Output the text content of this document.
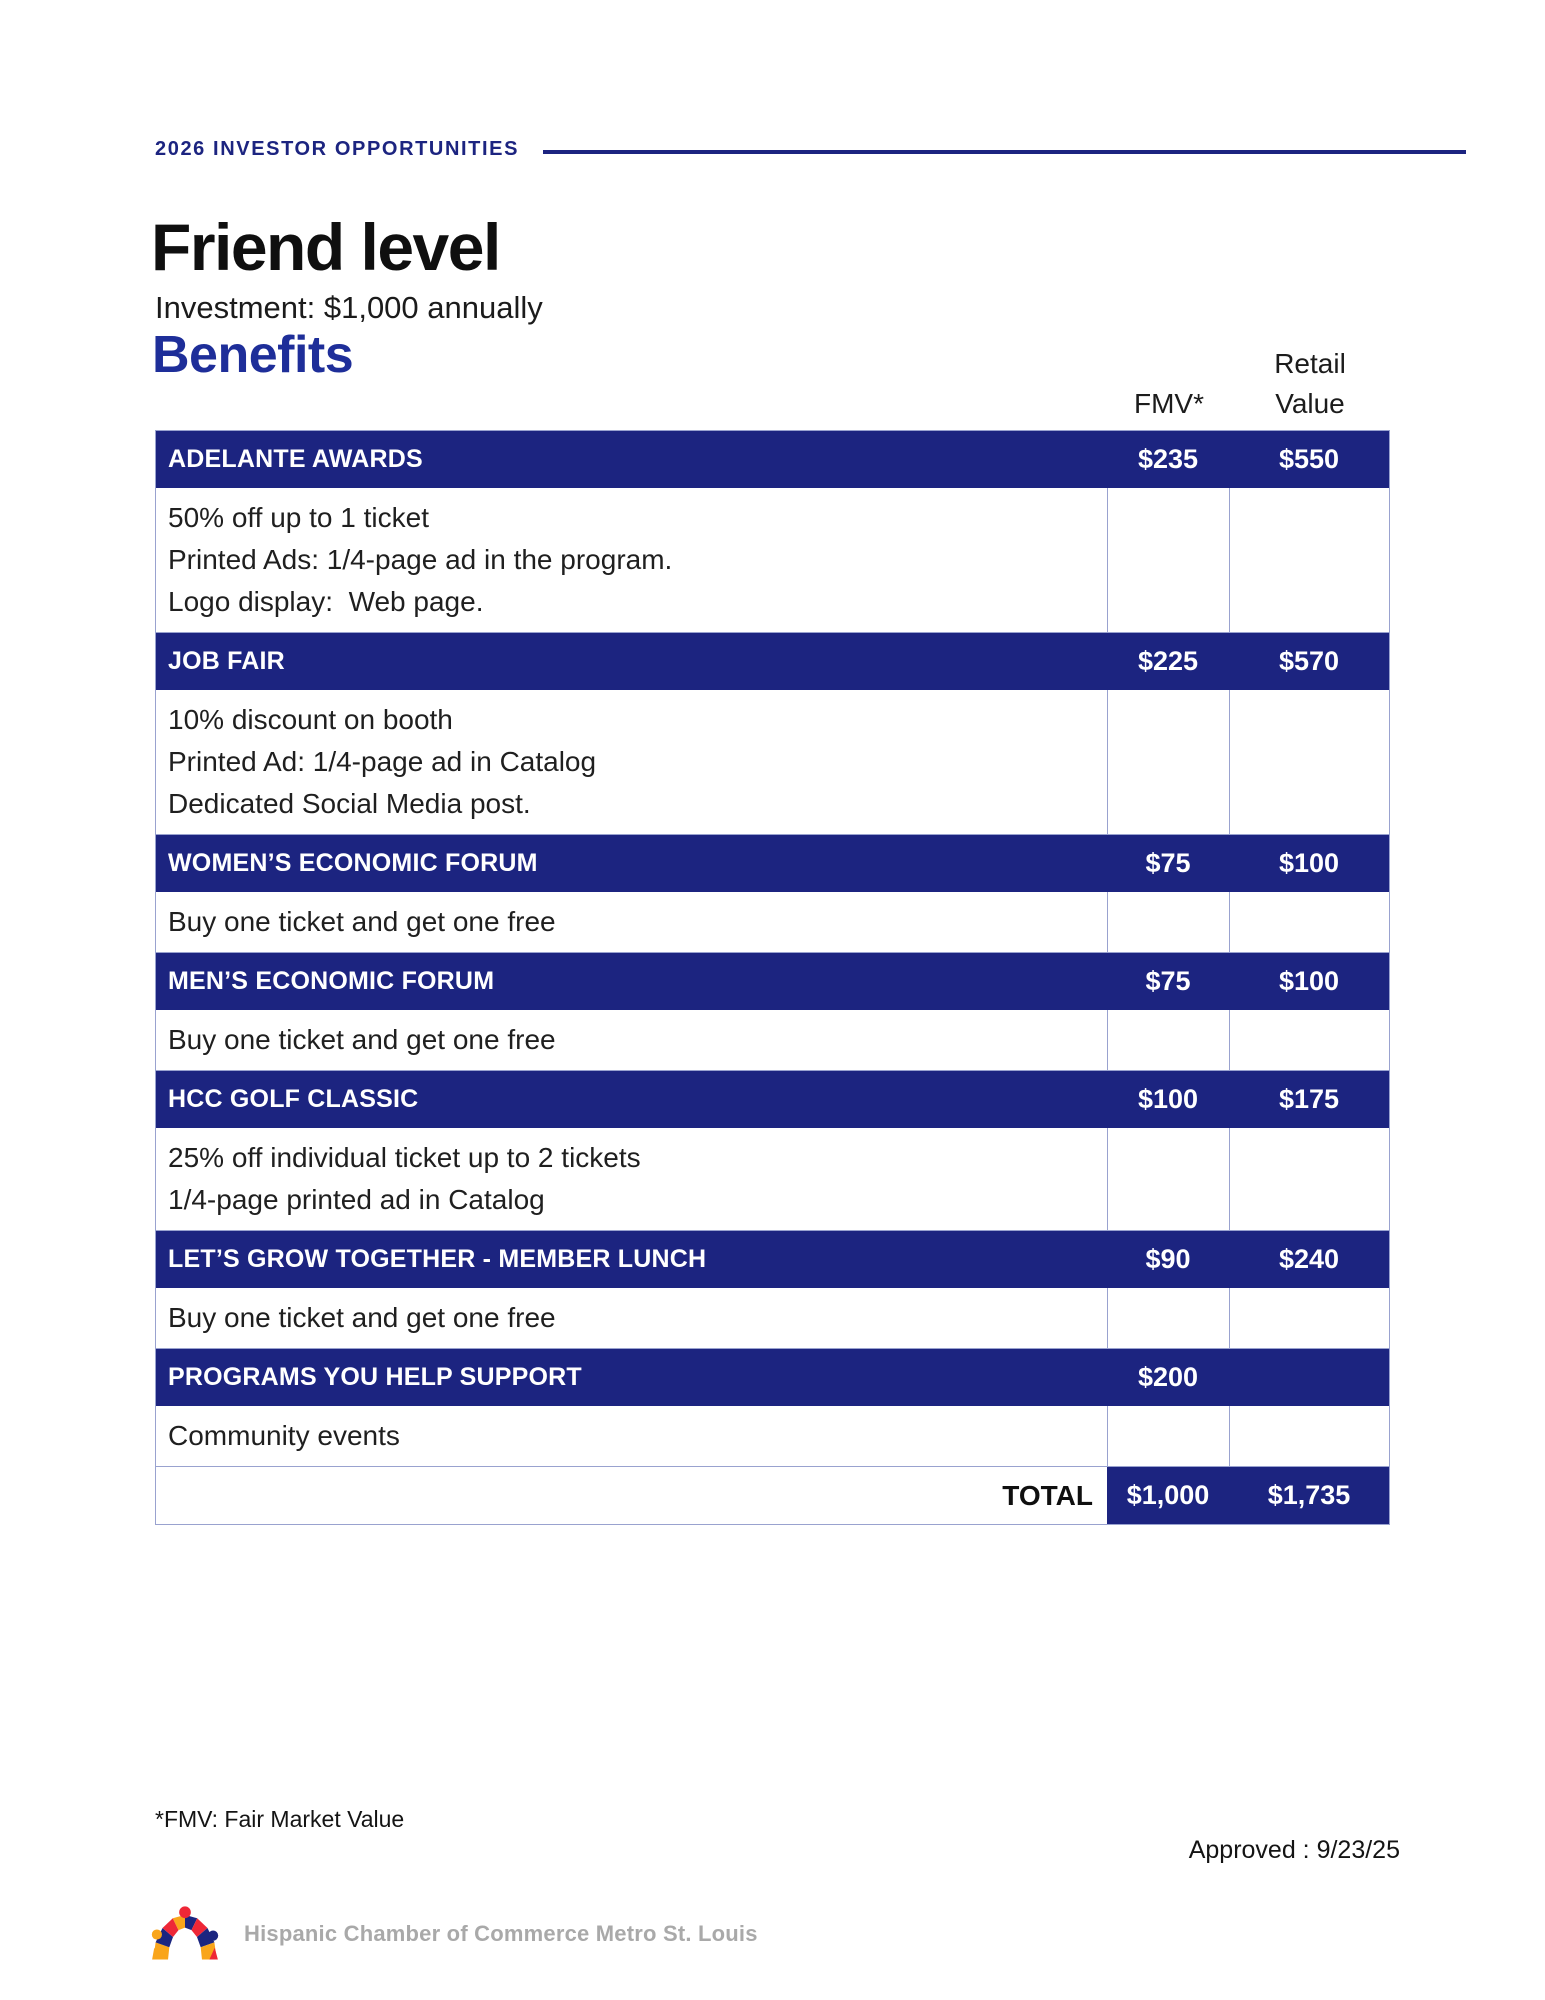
2026 INVESTOR OPPORTUNITIES
Friend level
Investment: $1,000 annually
Benefits
FMV*
Retail
Value
ADELANTE AWARDS	$235	$550
50% off up to 1 ticket
Printed Ads: 1/4-page ad in the program.
Logo display:  Web page.
JOB FAIR	$225	$570
10% discount on booth
Printed Ad: 1/4-page ad in Catalog
Dedicated Social Media post.
WOMEN’S ECONOMIC FORUM	$75	$100
Buy one ticket and get one free
MEN’S ECONOMIC FORUM	$75	$100
Buy one ticket and get one free
HCC GOLF CLASSIC	$100	$175
25% off individual ticket up to 2 tickets
1/4-page printed ad in Catalog
LET’S GROW TOGETHER - MEMBER LUNCH	$90	$240
Buy one ticket and get one free
PROGRAMS YOU HELP SUPPORT	$200
Community events
TOTAL	$1,000	$1,735
*FMV: Fair Market Value
Approved : 9/23/25
Hispanic Chamber of Commerce Metro St. Louis
